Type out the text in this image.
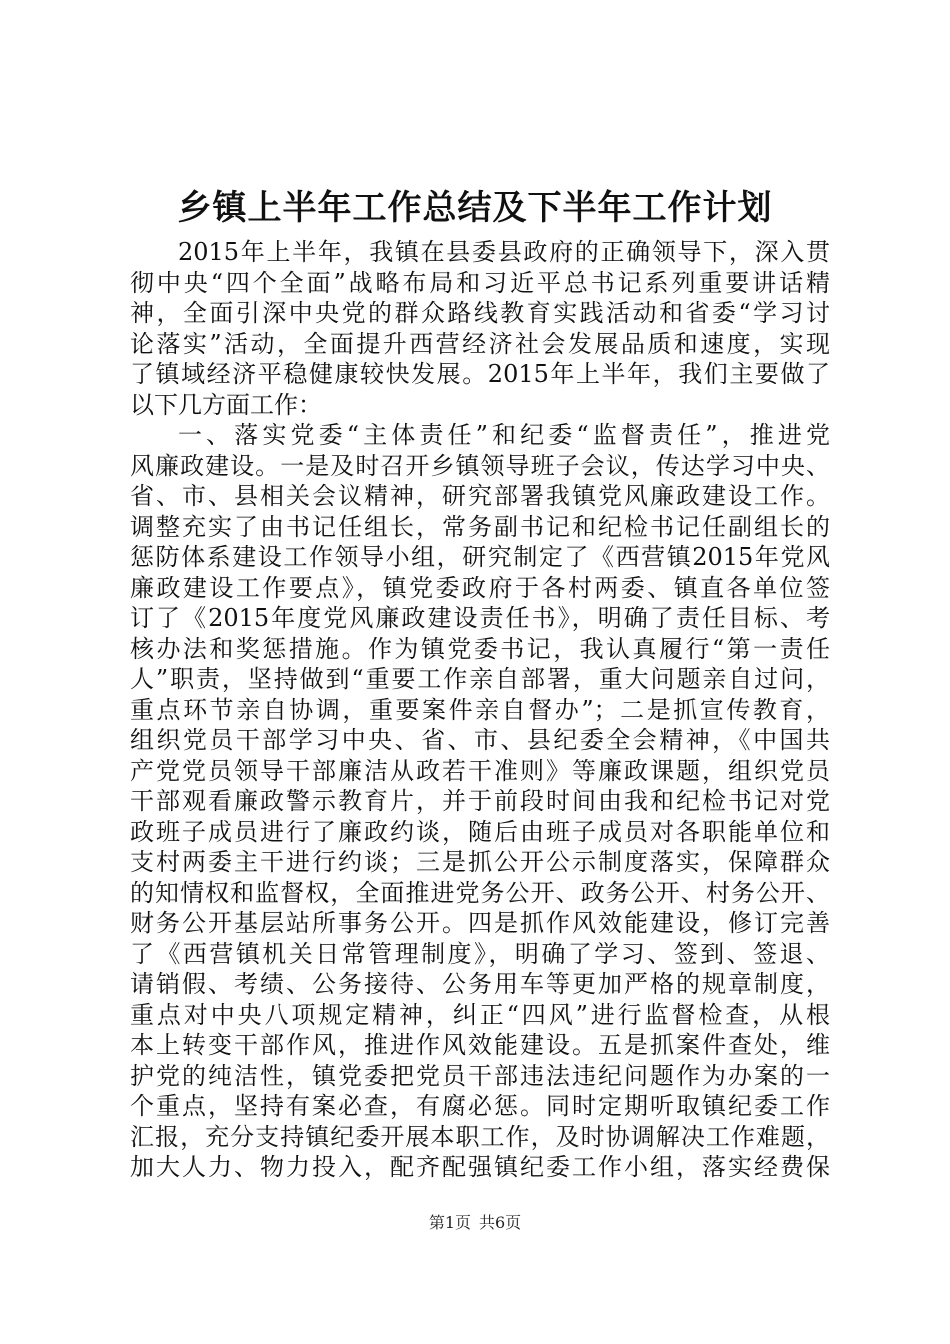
乡镇上半年工作总结及下半年工作计划
2015年上半年，我镇在县委县政府的正确领导下，深入贯
彻中央“四个全面”战略布局和习近平总书记系列重要讲话精
神，全面引深中央党的群众路线教育实践活动和省委“学习讨
论落实”活动，全面提升西营经济社会发展品质和速度，实现
了镇域经济平稳健康较快发展。2015年上半年，我们主要做了
以下几方面工作：
一、落实党委“主体责任”和纪委“监督责任”，推进党
风廉政建设。一是及时召开乡镇领导班子会议，传达学习中央、
省、市、县相关会议精神，研究部署我镇党风廉政建设工作。
调整充实了由书记任组长，常务副书记和纪检书记任副组长的
惩防体系建设工作领导小组，研究制定了《西营镇2015年党风
廉政建设工作要点》，镇党委政府于各村两委、镇直各单位签
订了《2015年度党风廉政建设责任书》，明确了责任目标、考
核办法和奖惩措施。作为镇党委书记，我认真履行“第一责任
人”职责，坚持做到“重要工作亲自部署，重大问题亲自过问，
重点环节亲自协调，重要案件亲自督办”；二是抓宣传教育，
组织党员干部学习中央、省、市、县纪委全会精神，《中国共
产党党员领导干部廉洁从政若干准则》等廉政课题，组织党员
干部观看廉政警示教育片，并于前段时间由我和纪检书记对党
政班子成员进行了廉政约谈，随后由班子成员对各职能单位和
支村两委主干进行约谈；三是抓公开公示制度落实，保障群众
的知情权和监督权，全面推进党务公开、政务公开、村务公开、
财务公开基层站所事务公开。四是抓作风效能建设，修订完善
了《西营镇机关日常管理制度》，明确了学习、签到、签退、
请销假、考绩、公务接待、公务用车等更加严格的规章制度，
重点对中央八项规定精神，纠正“四风”进行监督检查，从根
本上转变干部作风，推进作风效能建设。五是抓案件查处，维
护党的纯洁性，镇党委把党员干部违法违纪问题作为办案的一
个重点，坚持有案必查，有腐必惩。同时定期听取镇纪委工作
汇报，充分支持镇纪委开展本职工作，及时协调解决工作难题，
加大人力、物力投入，配齐配强镇纪委工作小组，落实经费保
第1页 共6页
